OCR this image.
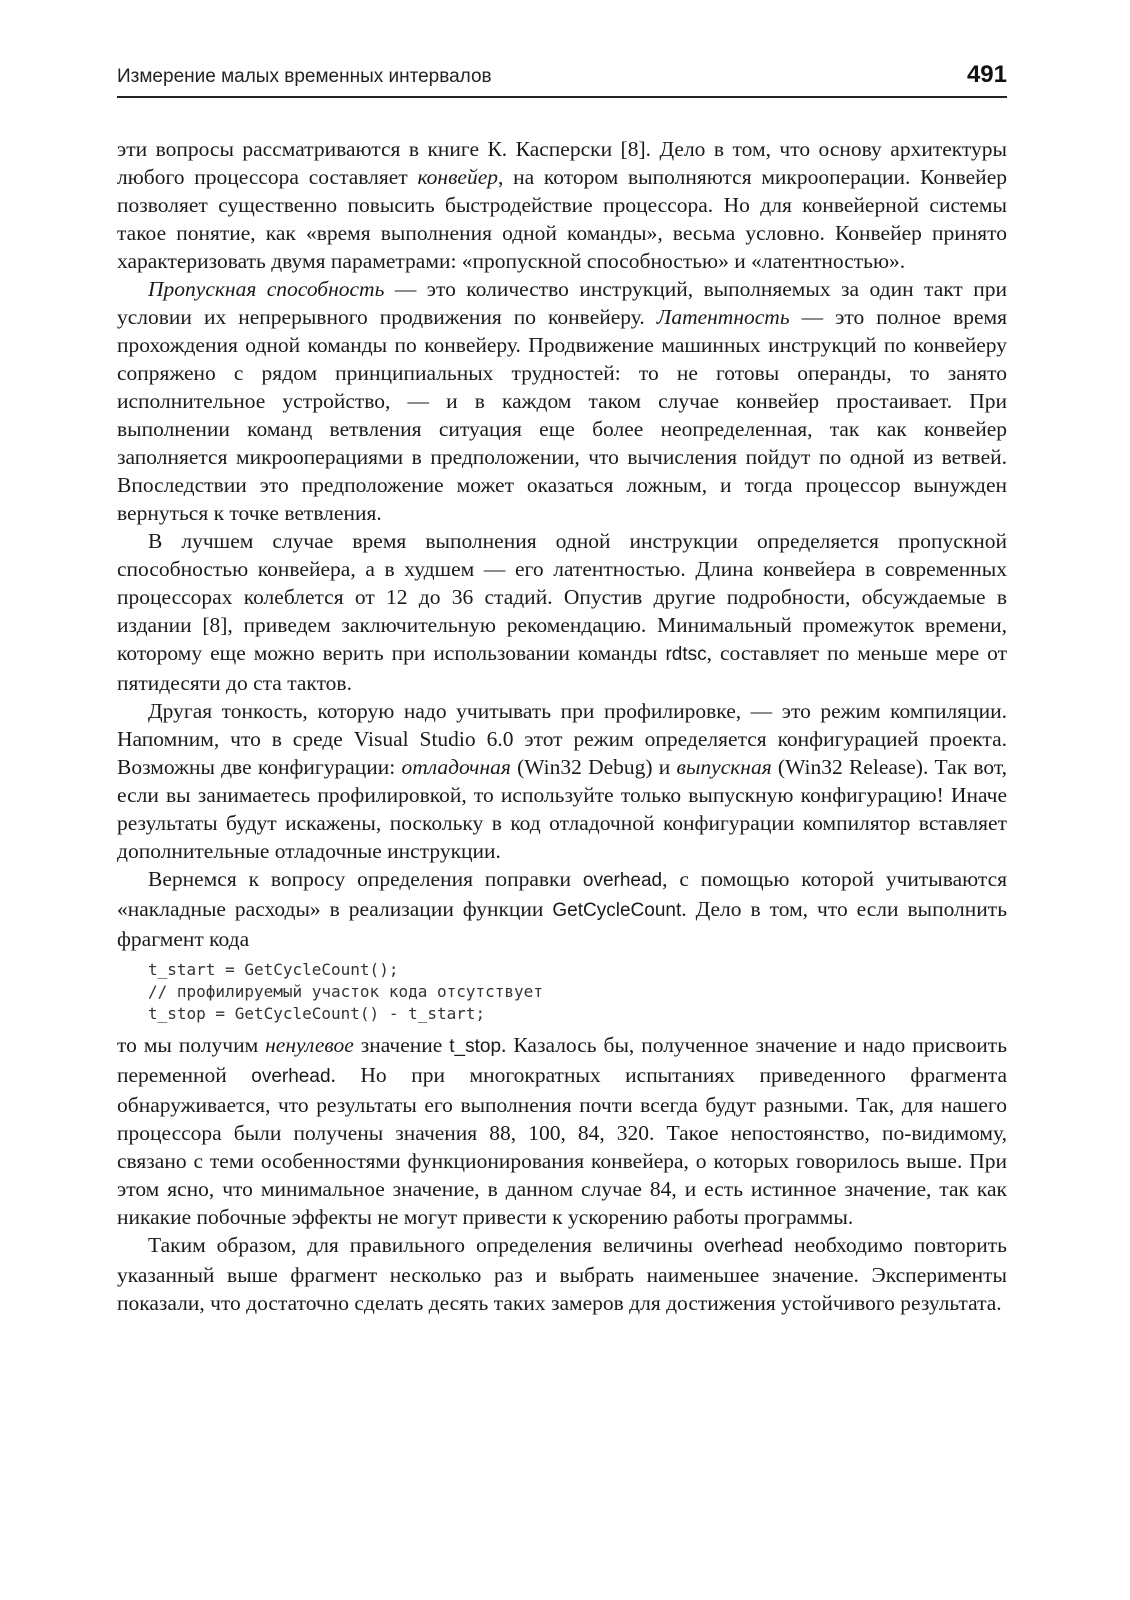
Измерение малых временных интервалов	491

эти вопросы рассматриваются в книге К. Касперски [8]. Дело в том, что основу архитектуры любого процессора составляет конвейер, на котором выполняются микрооперации. Конвейер позволяет существенно повысить быстродействие процессора. Но для конвейерной системы такое понятие, как «время выполнения одной команды», весьма условно. Конвейер принято характеризовать двумя параметрами: «пропускной способностью» и «латентностью».

Пропускная способность — это количество инструкций, выполняемых за один такт при условии их непрерывного продвижения по конвейеру. Латентность — это полное время прохождения одной команды по конвейеру. Продвижение машинных инструкций по конвейеру сопряжено с рядом принципиальных трудностей: то не готовы операнды, то занято исполнительное устройство, — и в каждом таком случае конвейер простаивает. При выполнении команд ветвления ситуация еще более неопределенная, так как конвейер заполняется микрооперациями в предположении, что вычисления пойдут по одной из ветвей. Впоследствии это предположение может оказаться ложным, и тогда процессор вынужден вернуться к точке ветвления.

В лучшем случае время выполнения одной инструкции определяется пропускной способностью конвейера, а в худшем — его латентностью. Длина конвейера в современных процессорах колеблется от 12 до 36 стадий. Опустив другие подробности, обсуждаемые в издании [8], приведем заключительную рекомендацию. Минимальный промежуток времени, которому еще можно верить при использовании команды rdtsc, составляет по меньше мере от пятидесяти до ста тактов.

Другая тонкость, которую надо учитывать при профилировке, — это режим компиляции. Напомним, что в среде Visual Studio 6.0 этот режим определяется конфигурацией проекта. Возможны две конфигурации: отладочная (Win32 Debug) и выпускная (Win32 Release). Так вот, если вы занимаетесь профилировкой, то используйте только выпускную конфигурацию! Иначе результаты будут искажены, поскольку в код отладочной конфигурации компилятор вставляет дополнительные отладочные инструкции.

Вернемся к вопросу определения поправки overhead, с помощью которой учитываются «накладные расходы» в реализации функции GetCycleCount. Дело в том, что если выполнить фрагмент кода

t_start = GetCycleCount();
// профилируемый участок кода отсутствует
t_stop = GetCycleCount() - t_start;

то мы получим ненулевое значение t_stop. Казалось бы, полученное значение и надо присвоить переменной overhead. Но при многократных испытаниях приведенного фрагмента обнаруживается, что результаты его выполнения почти всегда будут разными. Так, для нашего процессора были получены значения 88, 100, 84, 320. Такое непостоянство, по-видимому, связано с теми особенностями функционирования конвейера, о которых говорилось выше. При этом ясно, что минимальное значение, в данном случае 84, и есть истинное значение, так как никакие побочные эффекты не могут привести к ускорению работы программы.

Таким образом, для правильного определения величины overhead необходимо повторить указанный выше фрагмент несколько раз и выбрать наименьшее значение. Эксперименты показали, что достаточно сделать десять таких замеров для достижения устойчивого результата.
